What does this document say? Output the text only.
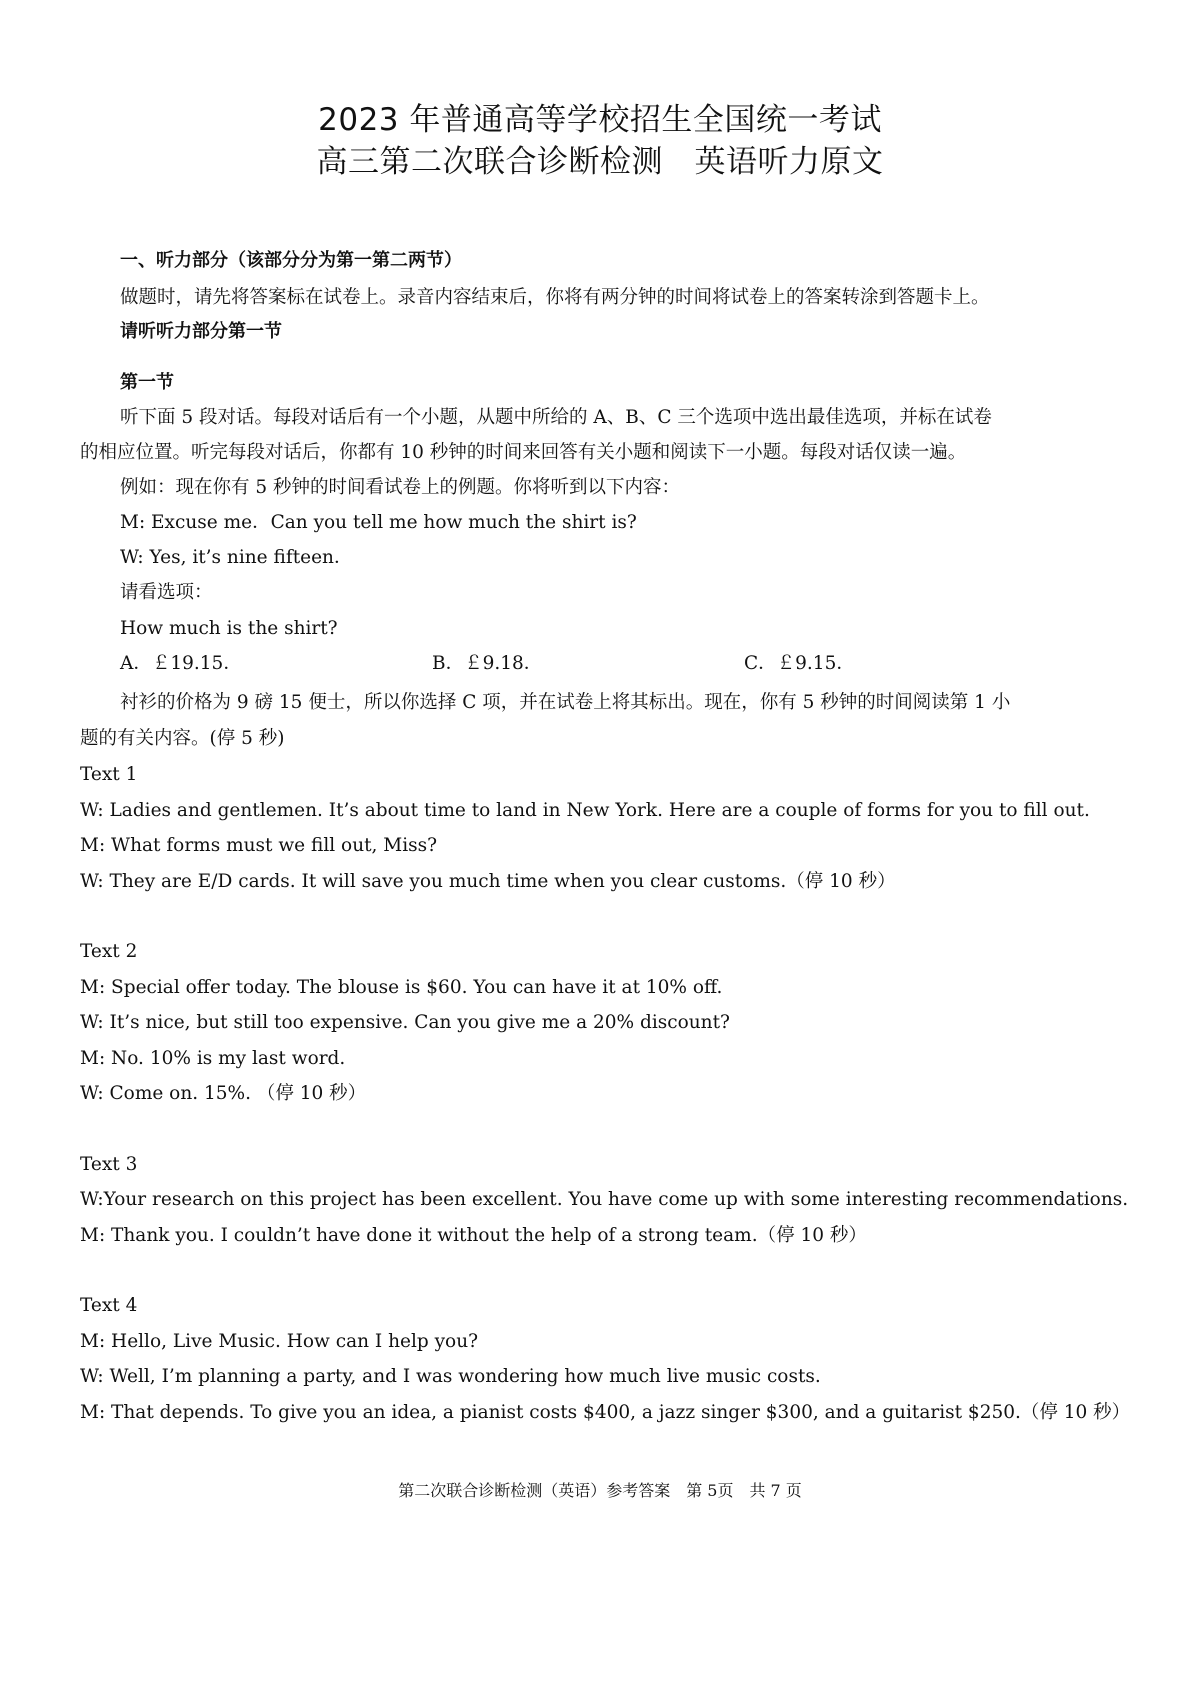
2023 年普通高等学校招生全国统一考试
高三第二次联合诊断检测　英语听力原文
一、听力部分（该部分分为第一第二两节）
做题时，请先将答案标在试卷上。录音内容结束后，你将有两分钟的时间将试卷上的答案转涂到答题卡上。
请听听力部分第一节
第一节
听下面 5 段对话。每段对话后有一个小题，从题中所给的 A、B、C 三个选项中选出最佳选项，并标在试卷
的相应位置。听完每段对话后，你都有 10 秒钟的时间来回答有关小题和阅读下一小题。每段对话仅读一遍。
例如：现在你有 5 秒钟的时间看试卷上的例题。你将听到以下内容：
M: Excuse me．Can you tell me how much the shirt is?
W: Yes, it’s nine fifteen．
请看选项：
How much is the shirt?
A．￡19.15．	B．￡9.18．	C．￡9.15．
衬衫的价格为 9 磅 15 便士，所以你选择 C 项，并在试卷上将其标出。现在，你有 5 秒钟的时间阅读第 1 小
题的有关内容。(停 5 秒)
Text 1
W: Ladies and gentlemen. It’s about time to land in New York. Here are a couple of forms for you to fill out.
M: What forms must we fill out, Miss?
W: They are E/D cards. It will save you much time when you clear customs.（停 10 秒）
Text 2
M: Special offer today. The blouse is $60. You can have it at 10% off.
W: It’s nice, but still too expensive. Can you give me a 20% discount?
M: No. 10% is my last word.
W: Come on. 15%. （停 10 秒）
Text 3
W:Your research on this project has been excellent. You have come up with some interesting recommendations.
M: Thank you. I couldn’t have done it without the help of a strong team.（停 10 秒）
Text 4
M: Hello, Live Music. How can I help you?
W: Well, I’m planning a party, and I was wondering how much live music costs.
M: That depends. To give you an idea, a pianist costs $400, a jazz singer $300, and a guitarist $250.（停 10 秒）
第二次联合诊断检测（英语）参考答案　第 5页　共 7 页
